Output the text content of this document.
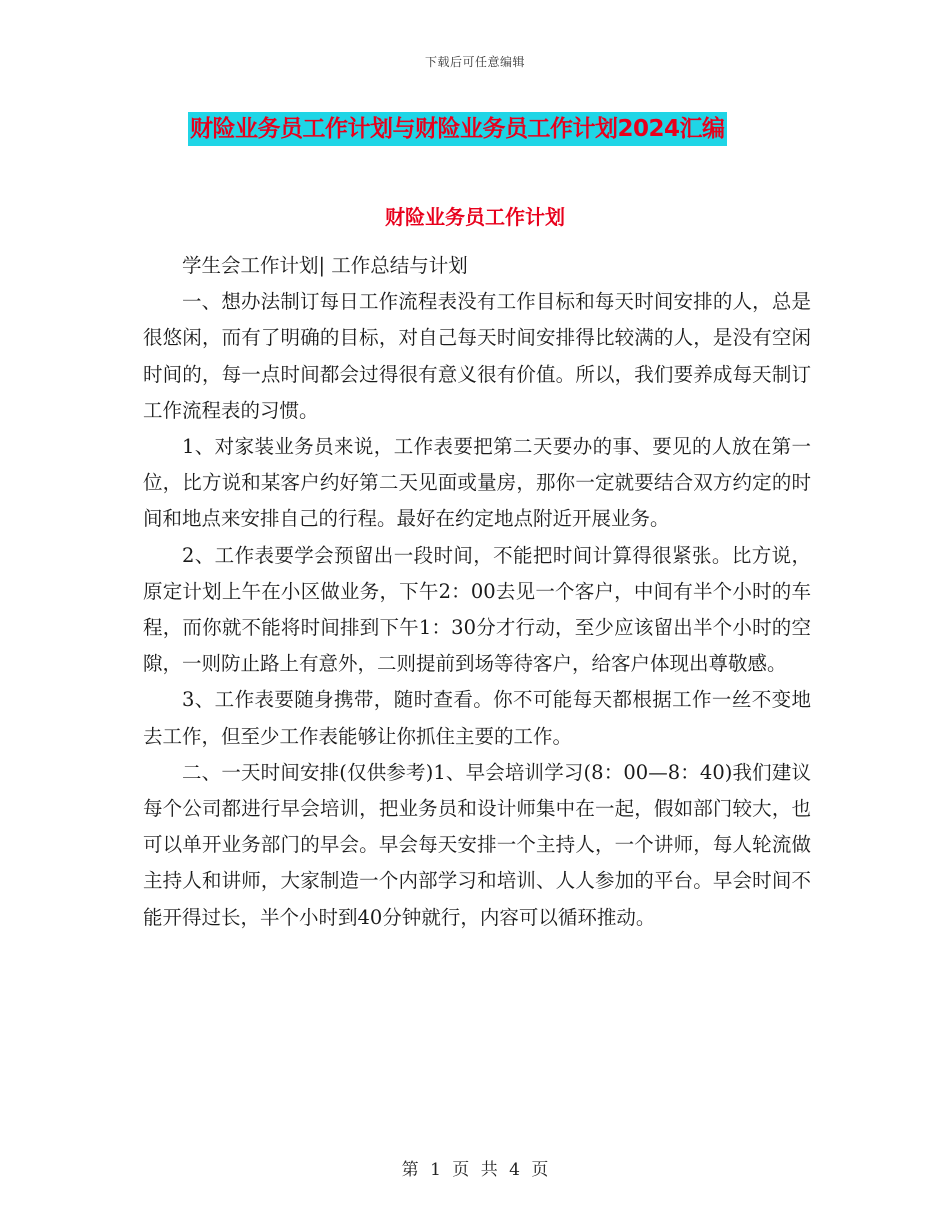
下载后可任意编辑
财险业务员工作计划与财险业务员工作计划2024汇编
财险业务员工作计划

学生会工作计划| 工作总结与计划

一、想办法制订每日工作流程表没有工作目标和每天时间安排的人，总是很悠闲，而有了明确的目标，对自己每天时间安排得比较满的人，是没有空闲时间的，每一点时间都会过得很有意义很有价值。所以，我们要养成每天制订工作流程表的习惯。

1、对家装业务员来说，工作表要把第二天要办的事、要见的人放在第一位，比方说和某客户约好第二天见面或量房，那你一定就要结合双方约定的时间和地点来安排自己的行程。最好在约定地点附近开展业务。

2、工作表要学会预留出一段时间，不能把时间计算得很紧张。比方说，原定计划上午在小区做业务，下午2：00去见一个客户，中间有半个小时的车程，而你就不能将时间排到下午1：30分才行动，至少应该留出半个小时的空隙，一则防止路上有意外，二则提前到场等待客户，给客户体现出尊敬感。

3、工作表要随身携带，随时查看。你不可能每天都根据工作一丝不变地去工作，但至少工作表能够让你抓住主要的工作。

二、一天时间安排(仅供参考)1、早会培训学习(8：00—8：40)我们建议每个公司都进行早会培训，把业务员和设计师集中在一起，假如部门较大，也可以单开业务部门的早会。早会每天安排一个主持人，一个讲师，每人轮流做主持人和讲师，大家制造一个内部学习和培训、人人参加的平台。早会时间不能开得过长，半个小时到40分钟就行，内容可以循环推动。

第 1 页 共 4 页
